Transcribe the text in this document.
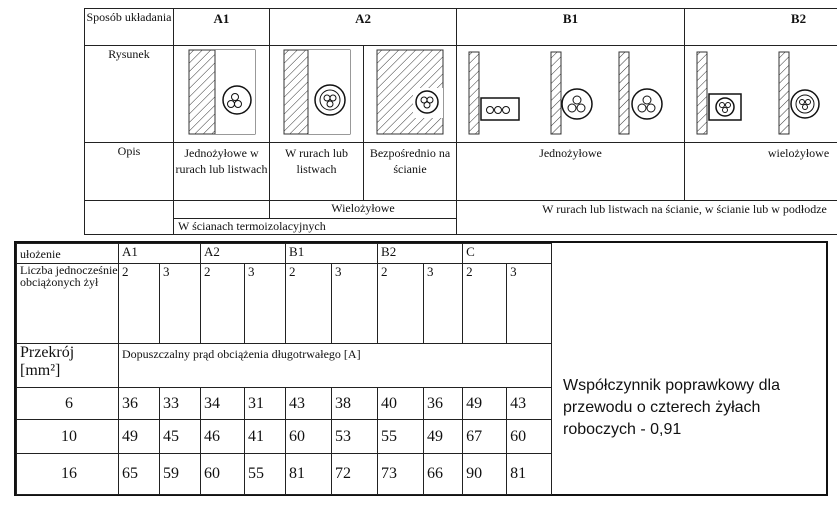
Sposób układania	A1	A2		B1	B2
Rysunek	

Opis	Jednożyłowe w rurach lub listwach	W rurach lub listwach	Bezpośrednio na ścianie	Jednożyłowe	wielożyłowe
		Wielożyłowe		W rurach lub listwach na ścianie, w ścianie lub w podłodze	
	W ścianach termoizolacyjnych				
ułożenie	A1		A2		B1		B2		C	
Liczba jednocześnie obciążonych żył	2	3	2	3	2	3	2	3	2	3
Przekrój [mm²]	Dopuszczalny prąd obciążenia długotrwałego [A]									
6	36	33	34	31	43	38	40	36	49	43
10	49	45	46	41	60	53	55	49	67	60
16	65	59	60	55	81	72	73	66	90	81
Współczynnik poprawkowy dla przewodu o czterech żyłach roboczych - 0,91
